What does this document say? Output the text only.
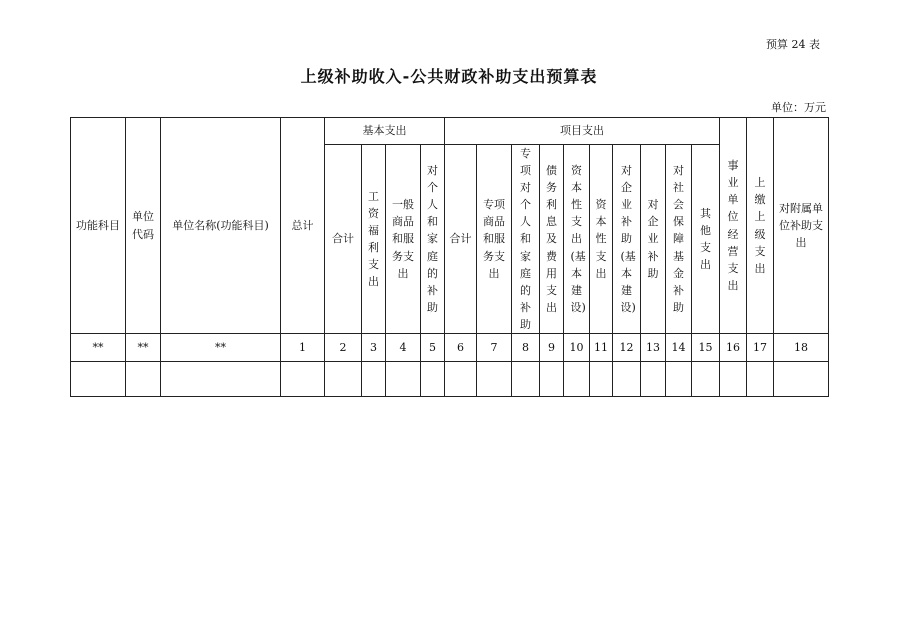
预算 24 表
上级补助收入-公共财政补助支出预算表
单位：万元
功能科目	单位代码	单位名称(功能科目)	总计	基本支出				项目支出										事业单位经营支出	上缴上级支出	对附属单位补助支出
				合计	工资福利支出	一般商品和服务支出	对个人和家庭的补助	合计	专项商品和服务支出	专项对个人和家庭的补助	债务利息及费用支出	资本性支出(基本建设)	资本性支出	对企业补助(基本建设)	对企业补助	对社会保障基金补助	其他支出			
**	**	**	1	2	3	4	5	6	7	8	9	10	11	12	13	14	15	16	17	18
